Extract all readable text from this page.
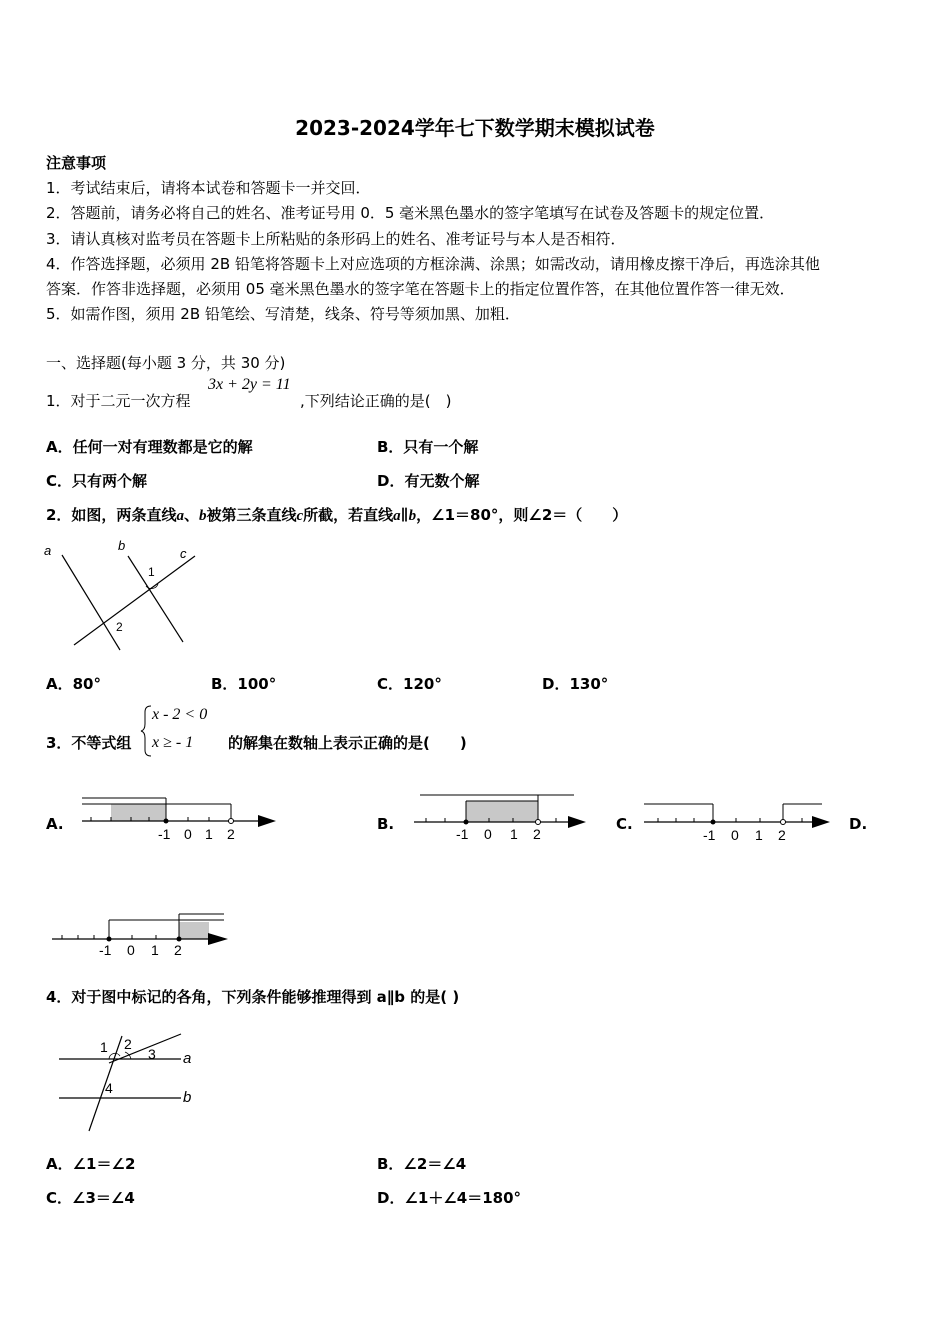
2023-2024学年七下数学期末模拟试卷
注意事项
1．考试结束后，请将本试卷和答题卡一并交回．
2．答题前，请务必将自己的姓名、准考证号用 0．5 毫米黑色墨水的签字笔填写在试卷及答题卡的规定位置．
3．请认真核对监考员在答题卡上所粘贴的条形码上的姓名、准考证号与本人是否相符．
4．作答选择题，必须用 2B 铅笔将答题卡上对应选项的方框涂满、涂黑；如需改动，请用橡皮擦干净后，再选涂其他
答案．作答非选择题，必须用 05 毫米黑色墨水的签字笔在答题卡上的指定位置作答，在其他位置作答一律无效．
5．如需作图，须用 2B 铅笔绘、写清楚，线条、符号等须加黑、加粗．
一、选择题(每小题 3 分，共 30 分)
1．对于二元一次方程
3x + 2y = 11
,下列结论正确的是(　)
A．任何一对有理数都是它的解	B．只有一个解
C．只有两个解	D．有无数个解
2．如图，两条直线a、b被第三条直线c所截，若直线a∥b，∠1＝80°，则∠2＝（　　）
a	b
c
1
2
A．80°	B．100°	C．120°	D．130°
3．不等式组
x - 2 < 0
x ≥ - 1 的解集在数轴上表示正确的是(　　)
A.	B.	C.	D.
-1 0 1 2	-1 0 1 2	-1 0 1 2
-1 0 1 2
4．对于图中标记的各角，下列条件能够推理得到 a∥b 的是( )
1 2
3
4
a
b
A．∠1＝∠2	B．∠2＝∠4
C．∠3＝∠4	D．∠1＋∠4＝180°
